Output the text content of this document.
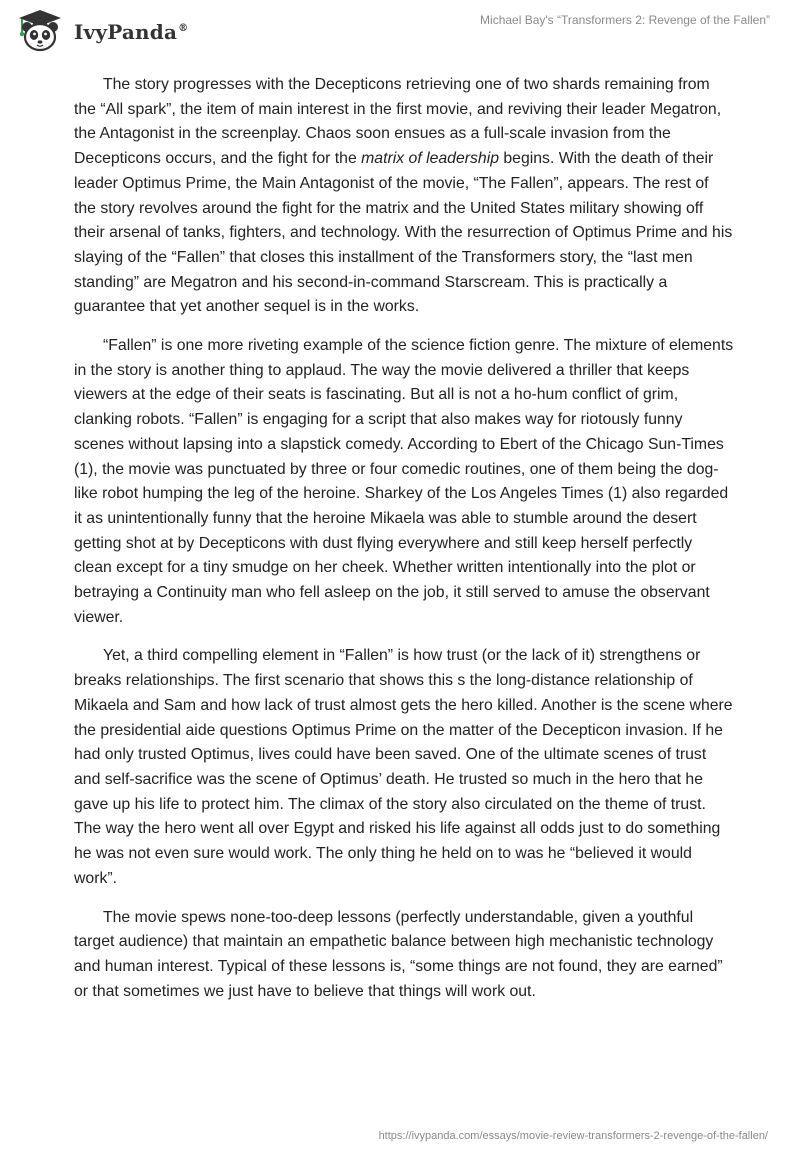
IvyPanda®
Michael Bay's “Transformers 2: Revenge of the Fallen”

The story progresses with the Decepticons retrieving one of two shards remaining from the “All spark”, the item of main interest in the first movie, and reviving their leader Megatron, the Antagonist in the screenplay. Chaos soon ensues as a full-scale invasion from the Decepticons occurs, and the fight for the matrix of leadership begins. With the death of their leader Optimus Prime, the Main Antagonist of the movie, “The Fallen”, appears. The rest of the story revolves around the fight for the matrix and the United States military showing off their arsenal of tanks, fighters, and technology. With the resurrection of Optimus Prime and his slaying of the “Fallen” that closes this installment of the Transformers story, the “last men standing” are Megatron and his second-in-command Starscream. This is practically a guarantee that yet another sequel is in the works.

“Fallen” is one more riveting example of the science fiction genre. The mixture of elements in the story is another thing to applaud. The way the movie delivered a thriller that keeps viewers at the edge of their seats is fascinating. But all is not a ho-hum conflict of grim, clanking robots. “Fallen” is engaging for a script that also makes way for riotously funny scenes without lapsing into a slapstick comedy. According to Ebert of the Chicago Sun-Times (1), the movie was punctuated by three or four comedic routines, one of them being the dog-like robot humping the leg of the heroine. Sharkey of the Los Angeles Times (1) also regarded it as unintentionally funny that the heroine Mikaela was able to stumble around the desert getting shot at by Decepticons with dust flying everywhere and still keep herself perfectly clean except for a tiny smudge on her cheek. Whether written intentionally into the plot or betraying a Continuity man who fell asleep on the job, it still served to amuse the observant viewer.

Yet, a third compelling element in “Fallen” is how trust (or the lack of it) strengthens or breaks relationships. The first scenario that shows this s the long-distance relationship of Mikaela and Sam and how lack of trust almost gets the hero killed. Another is the scene where the presidential aide questions Optimus Prime on the matter of the Decepticon invasion. If he had only trusted Optimus, lives could have been saved. One of the ultimate scenes of trust and self-sacrifice was the scene of Optimus’ death. He trusted so much in the hero that he gave up his life to protect him. The climax of the story also circulated on the theme of trust. The way the hero went all over Egypt and risked his life against all odds just to do something he was not even sure would work. The only thing he held on to was he “believed it would work”.

The movie spews none-too-deep lessons (perfectly understandable, given a youthful target audience) that maintain an empathetic balance between high mechanistic technology and human interest. Typical of these lessons is, “some things are not found, they are earned” or that sometimes we just have to believe that things will work out.

https://ivypanda.com/essays/movie-review-transformers-2-revenge-of-the-fallen/
